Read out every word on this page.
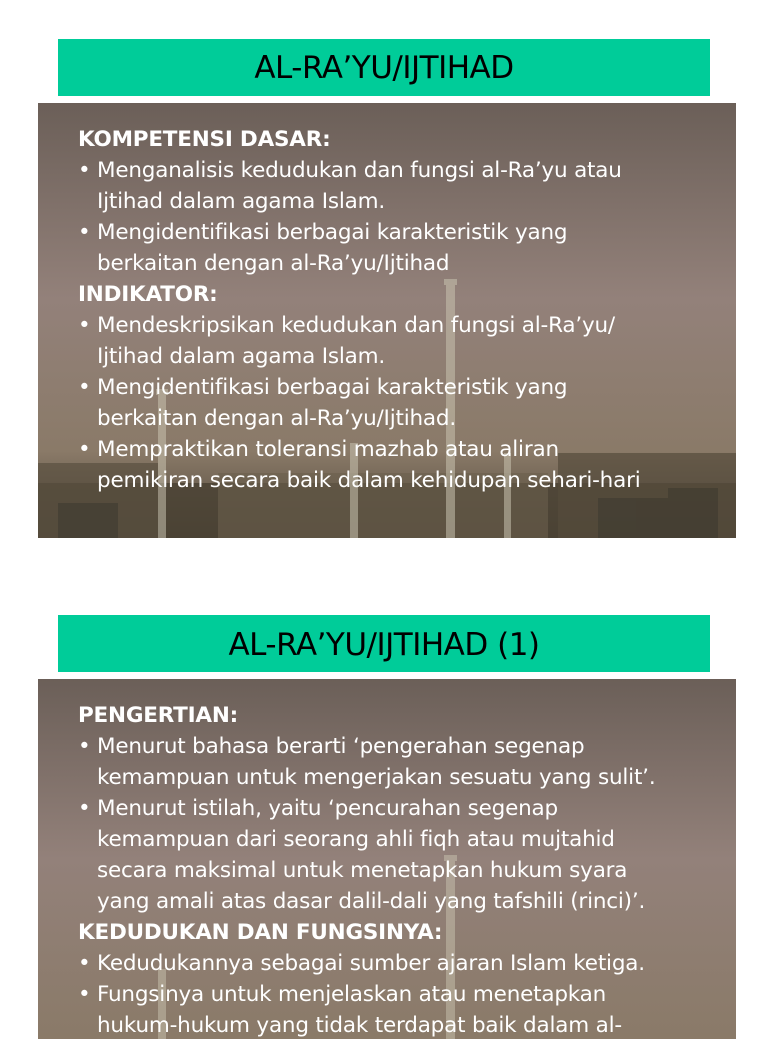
AL-RA’YU/IJTIHAD
KOMPETENSI DASAR:
• Menganalisis kedudukan dan fungsi al-Ra’yu atau
Ijtihad dalam agama Islam.
• Mengidentifikasi berbagai karakteristik yang
berkaitan dengan al-Ra’yu/Ijtihad
INDIKATOR:
• Mendeskripsikan kedudukan dan fungsi al-Ra’yu/
Ijtihad dalam agama Islam.
• Mengidentifikasi berbagai karakteristik yang
berkaitan dengan al-Ra’yu/Ijtihad.
• Mempraktikan toleransi mazhab atau aliran
pemikiran secara baik dalam kehidupan sehari-hari
AL-RA’YU/IJTIHAD (1)
PENGERTIAN:
• Menurut bahasa berarti ‘pengerahan segenap
kemampuan untuk mengerjakan sesuatu yang sulit’.
• Menurut istilah, yaitu ‘pencurahan segenap
kemampuan dari seorang ahli fiqh atau mujtahid
secara maksimal untuk menetapkan hukum syara
yang amali atas dasar dalil-dali yang tafshili (rinci)’.
KEDUDUKAN DAN FUNGSINYA:
• Kedudukannya sebagai sumber ajaran Islam ketiga.
• Fungsinya untuk menjelaskan atau menetapkan
hukum-hukum yang tidak terdapat baik dalam al-
